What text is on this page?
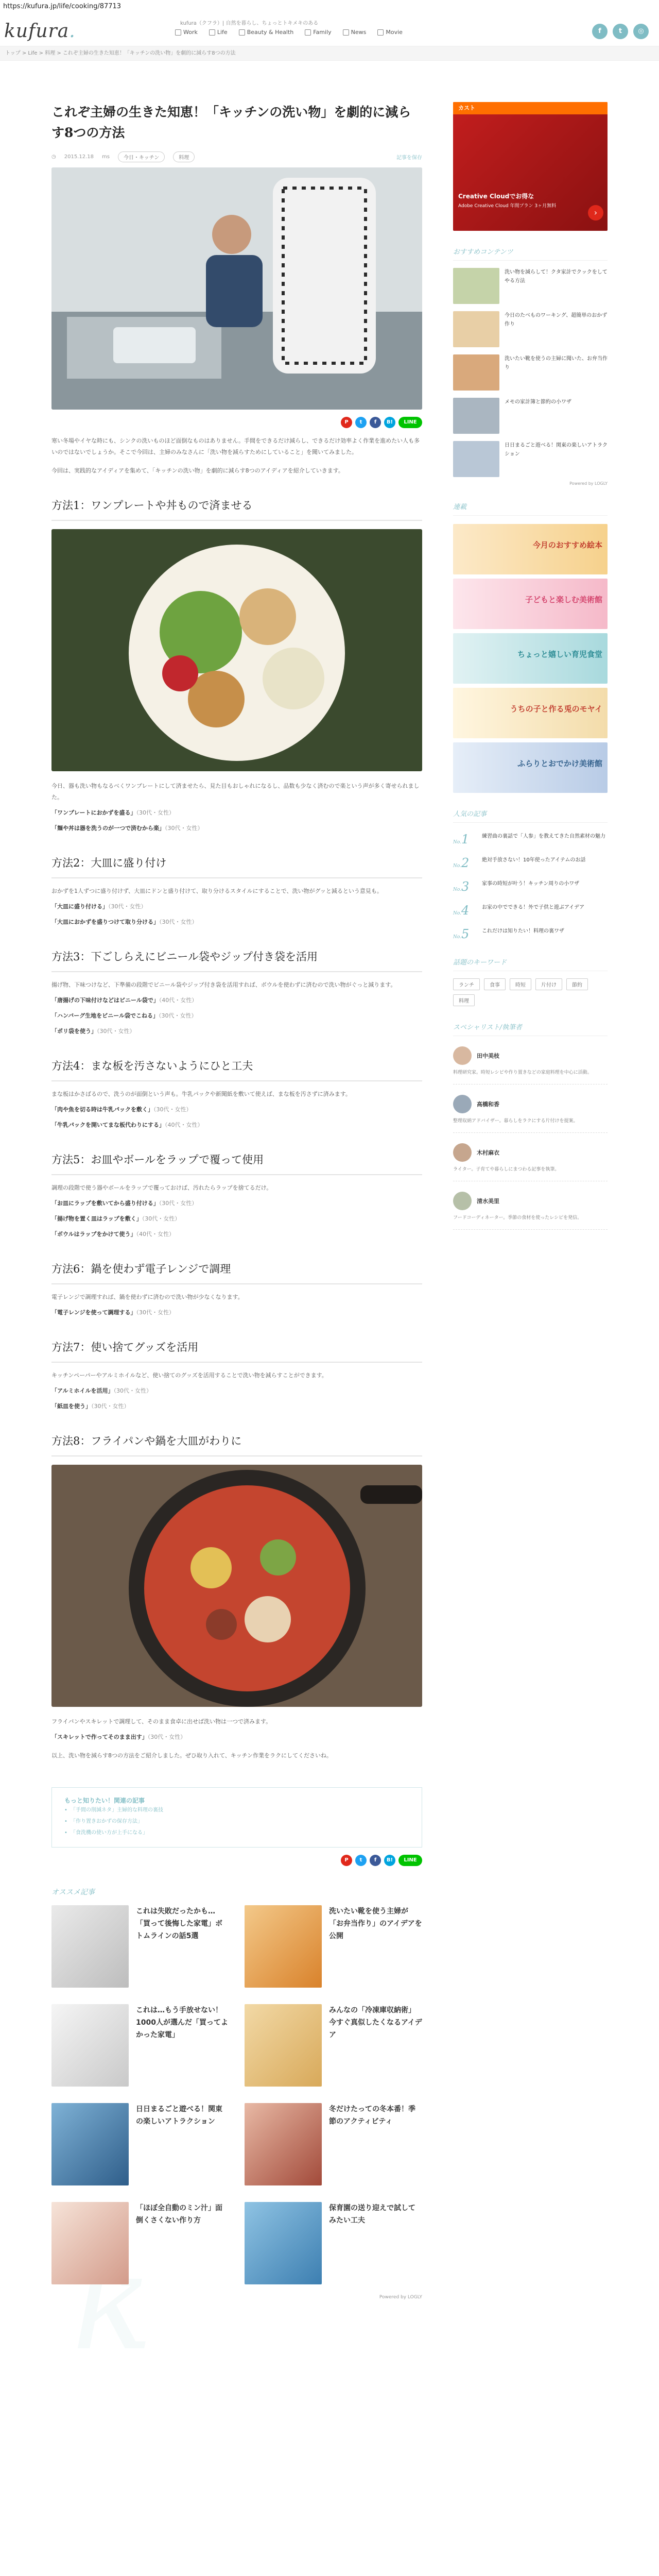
https://kufura.jp/life/cooking/87713
kufura.	kufura（クフラ）| 自然を暮らし、ちょっとトキメキのある
Work	Life	Beauty & Health	Family	News	Movie	f	t	◎
トップ > Life > 料理 > これぞ主婦の生きた知恵！「キッチンの洗い物」を劇的に減らす8つの方法
k
これぞ主婦の生きた知恵！「キッチンの洗い物」を劇的に減らす8つの方法
◷ 2015.12.18 ms	今日・キッチン	料理	記事を保存
P	t	f	B!	LINE

寒い冬場やイヤな時にも、シンクの洗いものほど面倒なものはありません。手間をできるだけ減らし、できるだけ効率よく作業を進めたい人も多いのではないでしょうか。そこで今回は、主婦のみなさんに「洗い物を減らすためにしていること」を聞いてみました。

今回は、実践的なアイディアを集めて、「キッチンの洗い物」を劇的に減らす8つのアイディアを紹介していきます。

方法1：ワンプレートや丼もので済ませる

今日、器も洗い物もなるべくワンプレートにして済ませたら、見た目もおしゃれになるし、品数も少なく済むので楽という声が多く寄せられました。

「ワンプレートにおかずを盛る」（30代・女性）

「麺や丼は器を洗うのが一つで済むから楽」（30代・女性）

方法2：大皿に盛り付け

おかずを1人ずつに盛り付けず、大皿にドンと盛り付けて、取り分けるスタイルにすることで、洗い物がグッと減るという意見も。

「大皿に盛り付ける」（30代・女性）

「大皿におかずを盛りつけて取り分ける」（30代・女性）

方法3：下ごしらえにビニール袋やジップ付き袋を活用

揚げ物、下味つけなど、下準備の段階でビニール袋やジップ付き袋を活用すれば、ボウルを使わずに済むので洗い物がぐっと減ります。

「唐揚げの下味付けなどはビニール袋で」（40代・女性）

「ハンバーグ生地をビニール袋でこねる」（30代・女性）

「ポリ袋を使う」（30代・女性）

方法4：まな板を汚さないようにひと工夫

まな板はかさばるので、洗うのが面倒という声も。牛乳パックや新聞紙を敷いて使えば、まな板を汚さずに済みます。

「肉や魚を切る時は牛乳パックを敷く」（30代・女性）

「牛乳パックを開いてまな板代わりにする」（40代・女性）

方法5：お皿やボールをラップで覆って使用

調理の段階で使う器やボールをラップで覆っておけば、汚れたらラップを捨てるだけ。

「お皿にラップを敷いてから盛り付ける」（30代・女性）

「揚げ物を置く皿はラップを敷く」（30代・女性）

「ボウルはラップをかけて使う」（40代・女性）

方法6：鍋を使わず電子レンジで調理

電子レンジで調理すれば、鍋を使わずに済むので洗い物が少なくなります。

「電子レンジを使って調理する」（30代・女性）

方法7：使い捨てグッズを活用

キッチンペーパーやアルミホイルなど、使い捨てのグッズを活用することで洗い物を減らすことができます。

「アルミホイルを活用」（30代・女性）

「紙皿を使う」（30代・女性）

方法8：フライパンや鍋を大皿がわりに

フライパンやスキレットで調理して、そのまま食卓に出せば洗い物は一つで済みます。

「スキレットで作ってそのまま出す」（30代・女性）

以上、洗い物を減らす8つの方法をご紹介しました。ぜひ取り入れて、キッチン作業をラクにしてくださいね。

もっと知りたい！関連の記事
• 「手間の削減ネタ」主婦的な料理の裏技
• 「作り置きおかずの保存方法」
• 「食洗機の使い方が上手になる」
P	t	f	B!	LINE
オススメ記事
これは失敗だったかも…「買って後悔した家電」ボトムラインの話5選
洗いたい靴を使う主婦が「お弁当作り」のアイデアを公開
これは…もう手放せない！1000人が選んだ「買ってよかった家電」
みんなの「冷凍庫収納術」 今すぐ真似したくなるアイデア
日日まるごと遊べる！関東の楽しいアトラクション
冬だけたっての冬本番！季節のアクティビティ
「ほぼ全自動のミン汁」面倒くさくない作り方
保育園の送り迎えで試してみたい工夫
Powered by LOGLY
カスト
Creative Cloudでお得な
Adobe Creative Cloud 年間プラン 3ヶ月無料
›
おすすめコンテンツ
洗い物を減らして！クタ家計でクックをしてやる方法
今日のたべものワーキング、超簡単のおかず作り
洗いたい靴を使うの主婦に聞いた、お弁当作り
メモの家計簿と節約の小ワザ
日日まるごと遊べる！関東の楽しいアトラクション
Powered by LOGLY
連載
今月のおすすめ絵本
子どもと楽しむ美術館
ちょっと嬉しい育児食堂
うちの子と作る兎のモヤイ
ふらりとおでかけ美術館
人気の記事
No.1	練習曲の裏話で「人参」を教えてきた自然素材の魅力
No.2	絶対手放さない！10年使ったアイテムのお話
No.3	家事の時短が叶う！キッチン周りの小ワザ
No.4	お家の中でできる！外で子供と遊ぶアイデア
No.5	これだけは知りたい！料理の裏ワザ
話題のキーワード
ランチ	食事	時短	片付け	節約
料理
スペシャリスト/執筆者
田中美枝
料理研究家。時短レシピや作り置きなどの家庭料理を中心に活動。
高橋和香
整理収納アドバイザー。暮らしをラクにする片付けを提案。
木村麻衣
ライター。子育てや暮らしにまつわる記事を執筆。
清水美里
フードコーディネーター。季節の食材を使ったレシピを発信。
